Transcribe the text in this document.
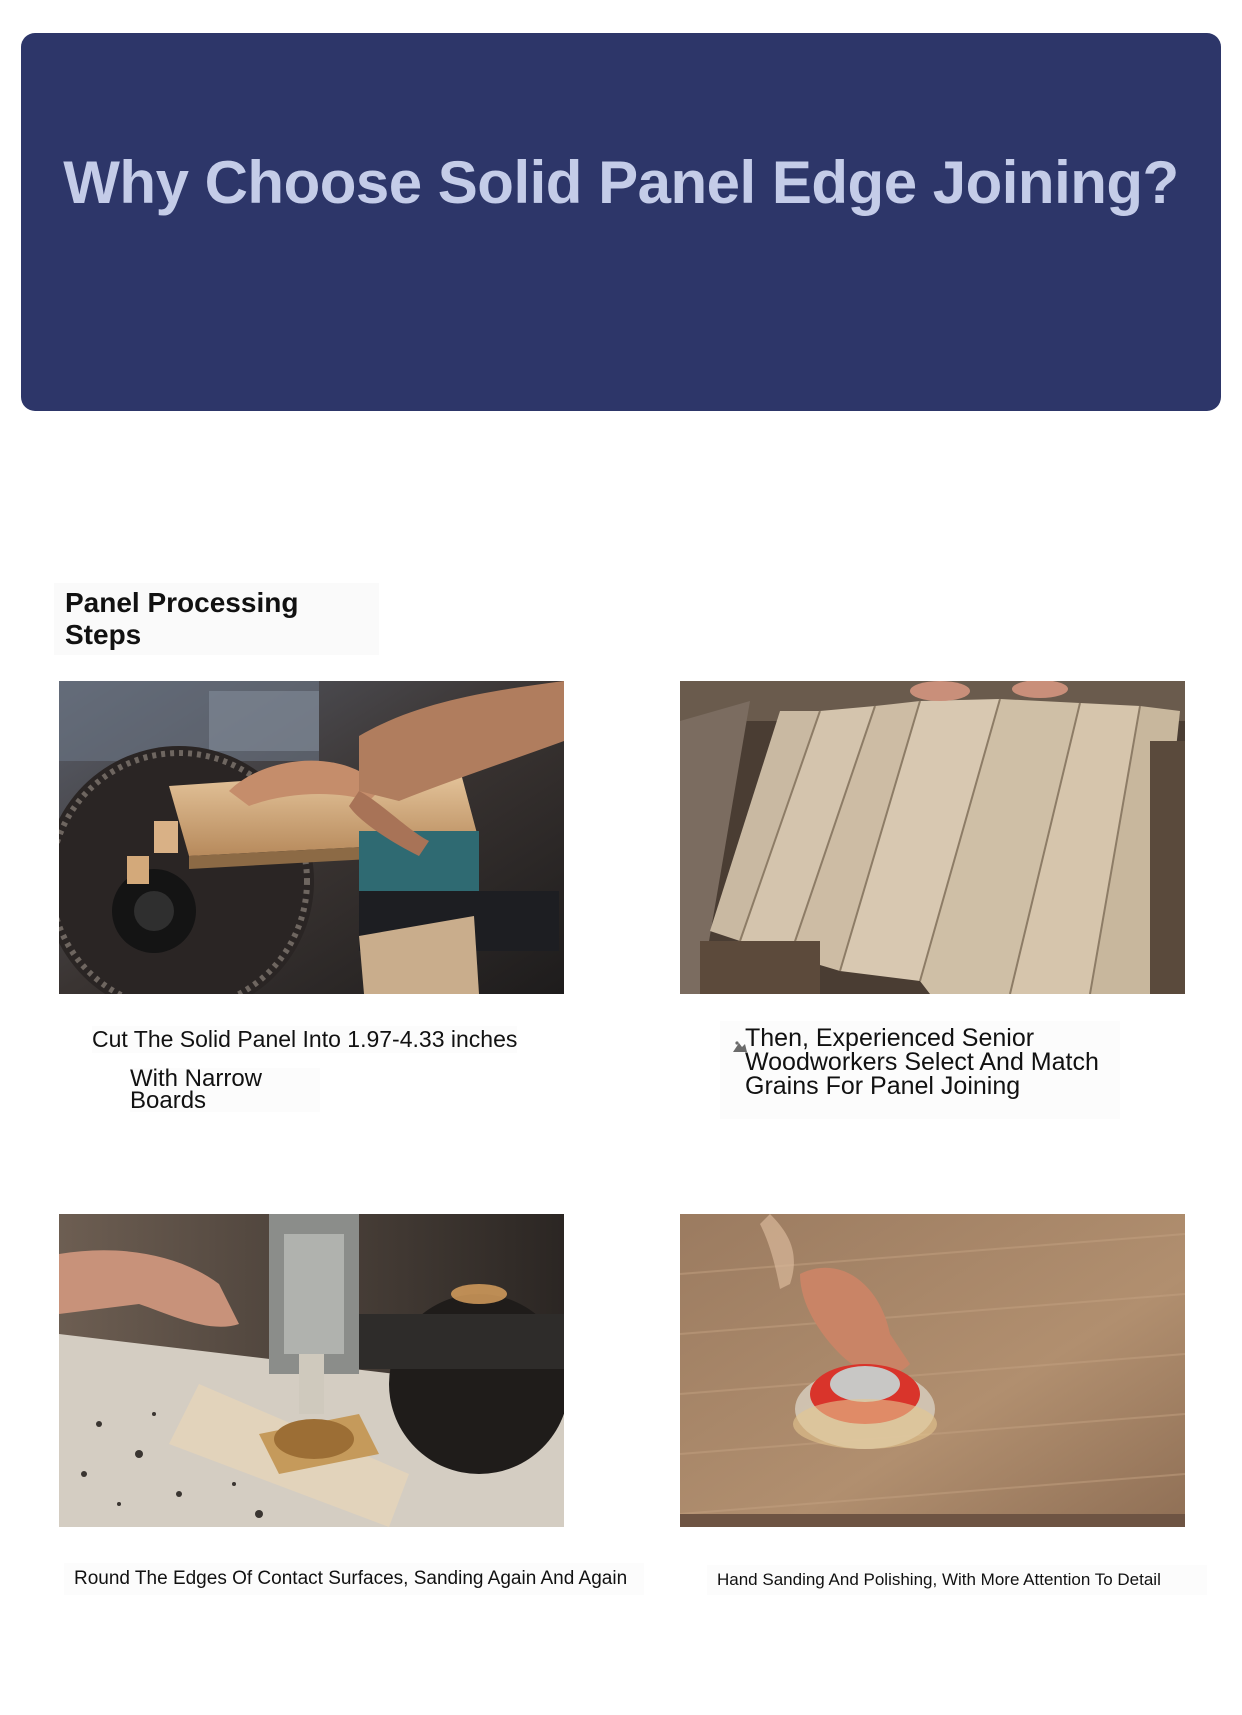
Why Choose Solid Panel Edge Joining?
Panel Processing Steps
Cut The Solid Panel Into 1.97-4.33 inches
With Narrow Boards
Then, Experienced Senior Woodworkers Select And Match Grains For Panel Joining
Round The Edges Of Contact Surfaces, Sanding Again And Again	Hand Sanding And Polishing, With More Attention To Detail
